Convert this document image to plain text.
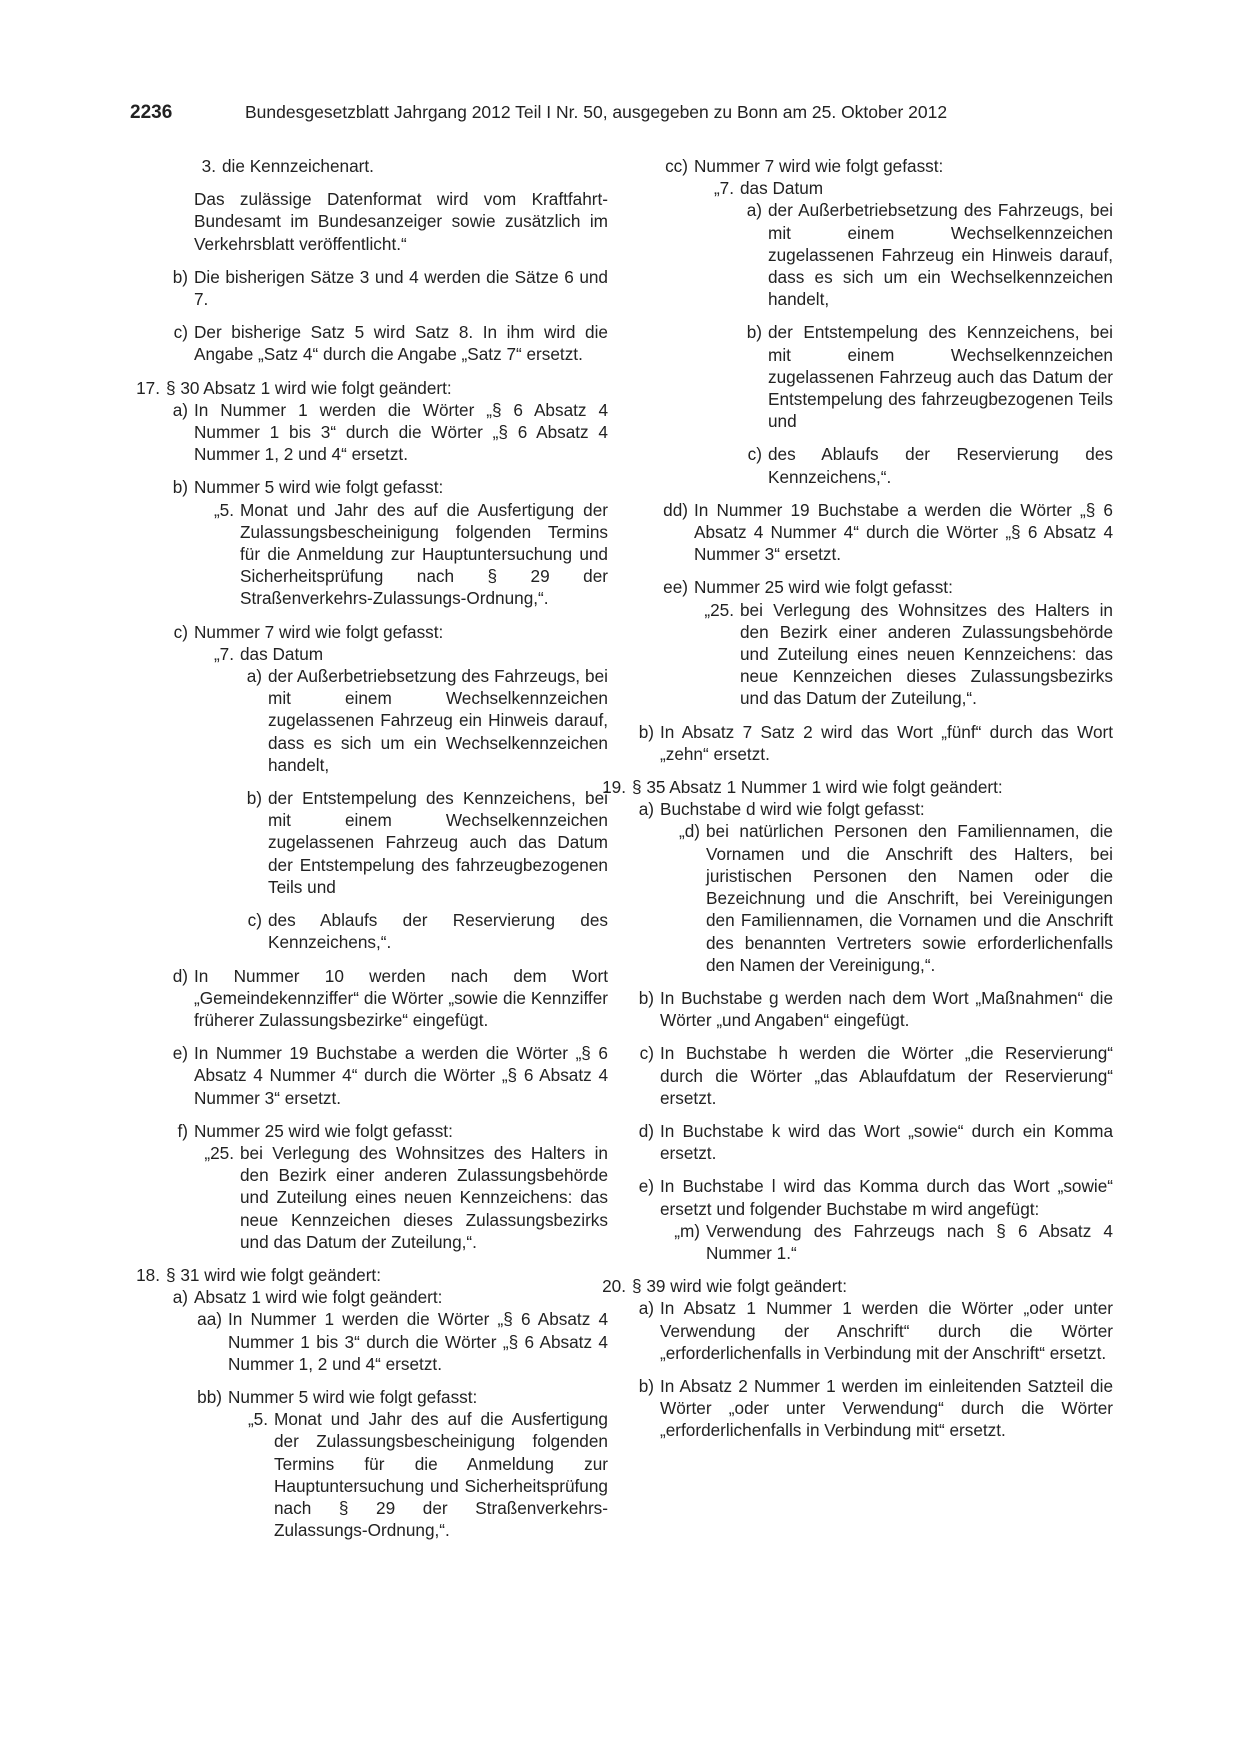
2236	Bundesgesetzblatt Jahrgang 2012 Teil I Nr. 50, ausgegeben zu Bonn am 25. Oktober 2012
3. die Kennzeichenart.
Das zulässige Datenformat wird vom Kraftfahrt-Bundesamt im Bundesanzeiger sowie zusätzlich im Verkehrsblatt veröffentlicht.“
b) Die bisherigen Sätze 3 und 4 werden die Sätze 6 und 7.
c) Der bisherige Satz 5 wird Satz 8. In ihm wird die Angabe „Satz 4“ durch die Angabe „Satz 7“ ersetzt.
17. § 30 Absatz 1 wird wie folgt geändert:
a) In Nummer 1 werden die Wörter „§ 6 Absatz 4 Nummer 1 bis 3“ durch die Wörter „§ 6 Absatz 4 Nummer 1, 2 und 4“ ersetzt.
b) Nummer 5 wird wie folgt gefasst:
„5. Monat und Jahr des auf die Ausfertigung der Zulassungsbescheinigung folgenden Termins für die Anmeldung zur Hauptuntersuchung und Sicherheitsprüfung nach § 29 der Straßenverkehrs-Zulassungs-Ordnung,“.
c) Nummer 7 wird wie folgt gefasst:
„7. das Datum
a) der Außerbetriebsetzung des Fahrzeugs, bei mit einem Wechselkennzeichen zugelassenen Fahrzeug ein Hinweis darauf, dass es sich um ein Wechselkennzeichen handelt,
b) der Entstempelung des Kennzeichens, bei mit einem Wechselkennzeichen zugelassenen Fahrzeug auch das Datum der Entstempelung des fahrzeugbezogenen Teils und
c) des Ablaufs der Reservierung des Kennzeichens,“.
d) In Nummer 10 werden nach dem Wort „Gemeindekennziffer“ die Wörter „sowie die Kennziffer früherer Zulassungsbezirke“ eingefügt.
e) In Nummer 19 Buchstabe a werden die Wörter „§ 6 Absatz 4 Nummer 4“ durch die Wörter „§ 6 Absatz 4 Nummer 3“ ersetzt.
f) Nummer 25 wird wie folgt gefasst:
„25. bei Verlegung des Wohnsitzes des Halters in den Bezirk einer anderen Zulassungsbehörde und Zuteilung eines neuen Kennzeichens: das neue Kennzeichen dieses Zulassungsbezirks und das Datum der Zuteilung,“.
18. § 31 wird wie folgt geändert:
a) Absatz 1 wird wie folgt geändert:
aa) In Nummer 1 werden die Wörter „§ 6 Absatz 4 Nummer 1 bis 3“ durch die Wörter „§ 6 Absatz 4 Nummer 1, 2 und 4“ ersetzt.
bb) Nummer 5 wird wie folgt gefasst:
„5. Monat und Jahr des auf die Ausfertigung der Zulassungsbescheinigung folgenden Termins für die Anmeldung zur Hauptuntersuchung und Sicherheitsprüfung nach § 29 der Straßenverkehrs-Zulassungs-Ordnung,“.
cc) Nummer 7 wird wie folgt gefasst:
„7. das Datum
a) der Außerbetriebsetzung des Fahrzeugs, bei mit einem Wechselkennzeichen zugelassenen Fahrzeug ein Hinweis darauf, dass es sich um ein Wechselkennzeichen handelt,
b) der Entstempelung des Kennzeichens, bei mit einem Wechselkennzeichen zugelassenen Fahrzeug auch das Datum der Entstempelung des fahrzeugbezogenen Teils und
c) des Ablaufs der Reservierung des Kennzeichens,“.
dd) In Nummer 19 Buchstabe a werden die Wörter „§ 6 Absatz 4 Nummer 4“ durch die Wörter „§ 6 Absatz 4 Nummer 3“ ersetzt.
ee) Nummer 25 wird wie folgt gefasst:
„25. bei Verlegung des Wohnsitzes des Halters in den Bezirk einer anderen Zulassungsbehörde und Zuteilung eines neuen Kennzeichens: das neue Kennzeichen dieses Zulassungsbezirks und das Datum der Zuteilung,“.
b) In Absatz 7 Satz 2 wird das Wort „fünf“ durch das Wort „zehn“ ersetzt.
19. § 35 Absatz 1 Nummer 1 wird wie folgt geändert:
a) Buchstabe d wird wie folgt gefasst:
„d) bei natürlichen Personen den Familiennamen, die Vornamen und die Anschrift des Halters, bei juristischen Personen den Namen oder die Bezeichnung und die Anschrift, bei Vereinigungen den Familiennamen, die Vornamen und die Anschrift des benannten Vertreters sowie erforderlichenfalls den Namen der Vereinigung,“.
b) In Buchstabe g werden nach dem Wort „Maßnahmen“ die Wörter „und Angaben“ eingefügt.
c) In Buchstabe h werden die Wörter „die Reservierung“ durch die Wörter „das Ablaufdatum der Reservierung“ ersetzt.
d) In Buchstabe k wird das Wort „sowie“ durch ein Komma ersetzt.
e) In Buchstabe l wird das Komma durch das Wort „sowie“ ersetzt und folgender Buchstabe m wird angefügt:
„m) Verwendung des Fahrzeugs nach § 6 Absatz 4 Nummer 1.“
20. § 39 wird wie folgt geändert:
a) In Absatz 1 Nummer 1 werden die Wörter „oder unter Verwendung der Anschrift“ durch die Wörter „erforderlichenfalls in Verbindung mit der Anschrift“ ersetzt.
b) In Absatz 2 Nummer 1 werden im einleitenden Satzteil die Wörter „oder unter Verwendung“ durch die Wörter „erforderlichenfalls in Verbindung mit“ ersetzt.
